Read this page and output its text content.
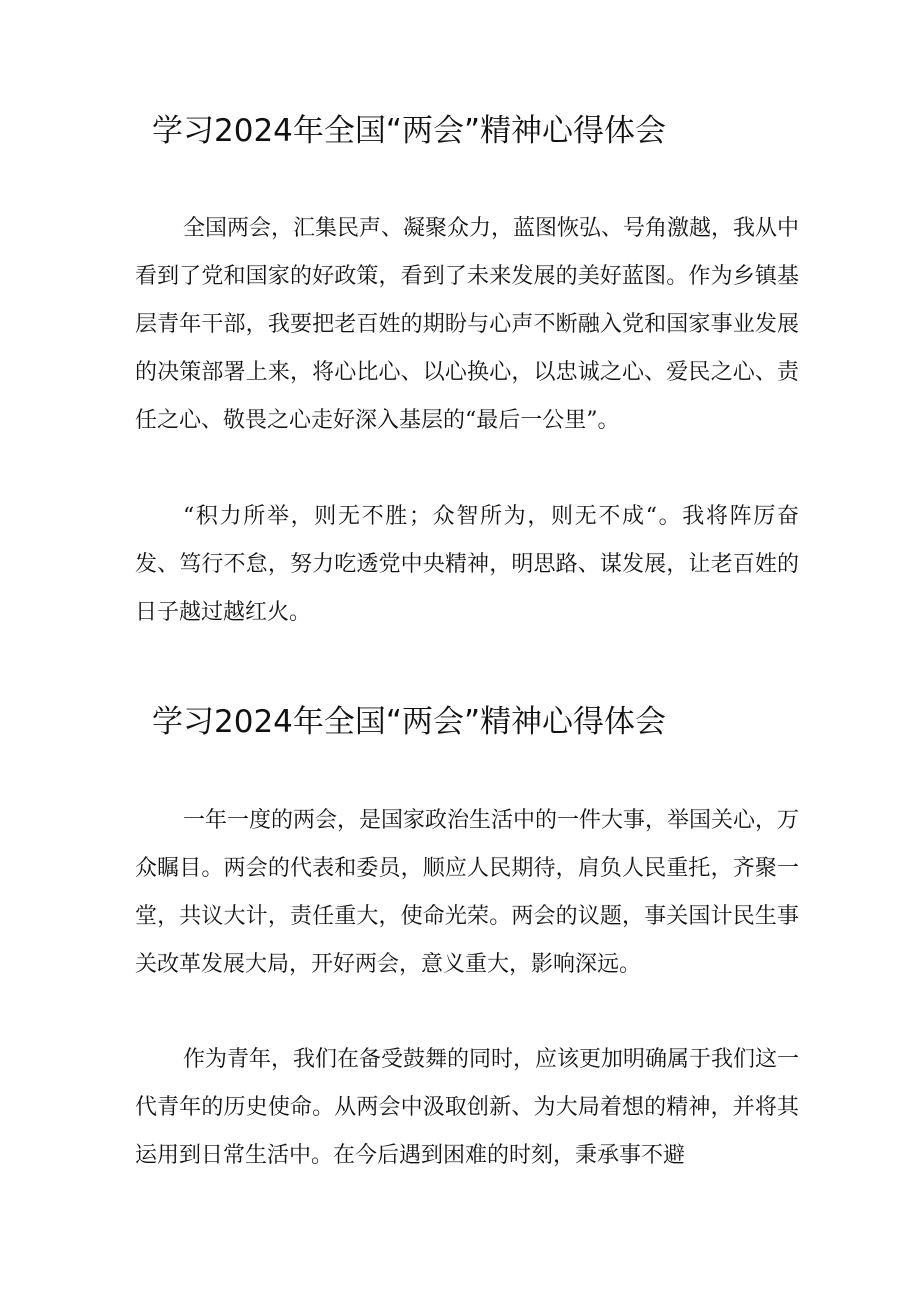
学习2024年全国“两会”精神心得体会

全国两会，汇集民声、凝聚众力，蓝图恢弘、号角激越，我从中看到了党和国家的好政策，看到了未来发展的美好蓝图。作为乡镇基层青年干部，我要把老百姓的期盼与心声不断融入党和国家事业发展的决策部署上来，将心比心、以心换心，以忠诚之心、爱民之心、责任之心、敬畏之心走好深入基层的“最后一公里”。

“积力所举，则无不胜；众智所为，则无不成“。我将阵厉奋发、笃行不怠，努力吃透党中央精神，明思路、谋发展，让老百姓的日子越过越红火。

学习2024年全国“两会”精神心得体会

一年一度的两会，是国家政治生活中的一件大事，举国关心，万众瞩目。两会的代表和委员，顺应人民期待，肩负人民重托，齐聚一堂，共议大计，责任重大，使命光荣。两会的议题，事关国计民生事关改革发展大局，开好两会，意义重大，影响深远。

作为青年，我们在备受鼓舞的同时，应该更加明确属于我们这一代青年的历史使命。从两会中汲取创新、为大局着想的精神，并将其运用到日常生活中。在今后遇到困难的时刻，秉承事不避
